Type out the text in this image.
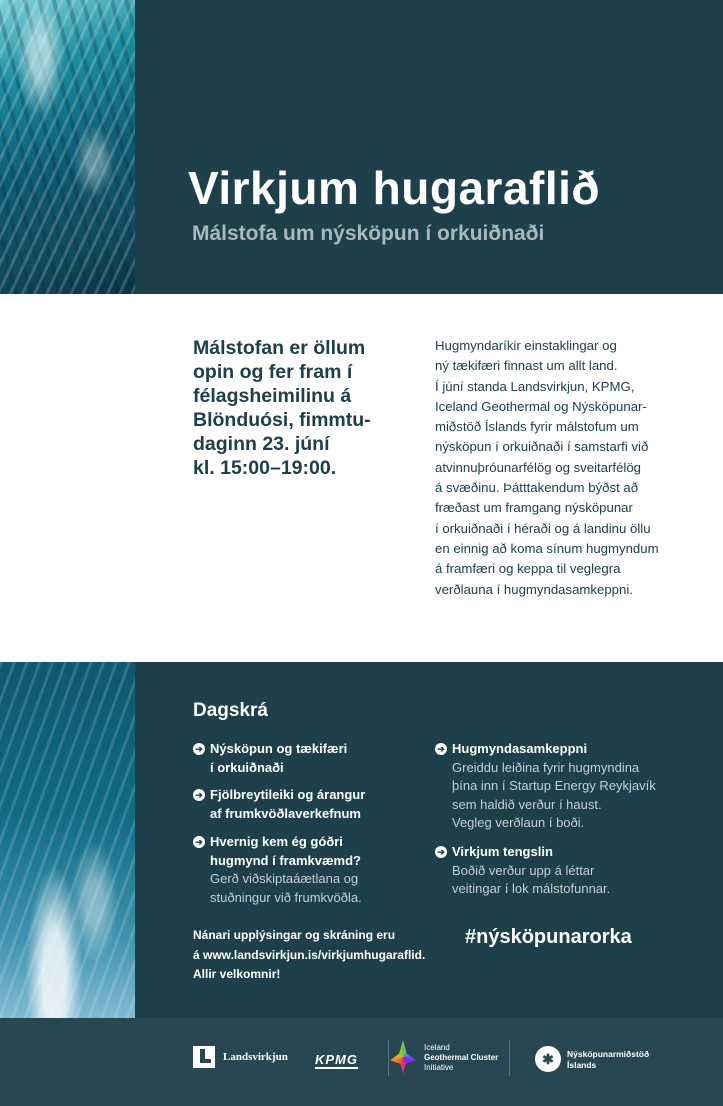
Virkjum hugaraflið
Málstofa um nýsköpun í orkuiðnaði

Málstofan er öllum
opin og fer fram í
félagsheimilinu á
Blönduósi, fimmtu-
daginn 23. júní
kl. 15:00–19:00.

Hugmyndaríkir einstaklingar og
ný tækifæri finnast um allt land.
Í júní standa Landsvirkjun, KPMG,
Iceland Geothermal og Nýsköpunar-
miðstöð Íslands fyrir málstofum um
nýsköpun í orkuiðnaði í samstarfi við
atvinnuþróunarfélög og sveitarfélög
á svæðinu. Þátttakendum býðst að
fræðast um framgang nýsköpunar
í orkuiðnaði í héraði og á landinu öllu
en einnig að koma sínum hugmyndum
á framfæri og keppa til veglegra
verðlauna í hugmyndasamkeppni.

Dagskrá
➔ Nýsköpun og tækifæri
í orkuiðnaði
➔ Fjölbreytileiki og árangur
af frumkvöðlaverkefnum
➔ Hvernig kem ég góðri
hugmynd í framkvæmd?
Gerð viðskiptaáætlana og
stuðningur við frumkvöðla.
➔ Hugmyndasamkeppni
Greiddu leiðina fyrir hugmyndina
þína inn í Startup Energy Reykjavík
sem haldið verður í haust.
Vegleg verðlaun í boði.
➔ Virkjum tengslin
Boðið verður upp á léttar
veitingar í lok málstofunnar.

Nánari upplýsingar og skráning eru
á www.landsvirkjun.is/virkjumhugaraflid.
Allir velkomnir!

#nýsköpunarorka

Landsvirkjun KPMG
Iceland
Geothermal Cluster
Initiative
✱	Nýsköpunarmiðstöð
Íslands
